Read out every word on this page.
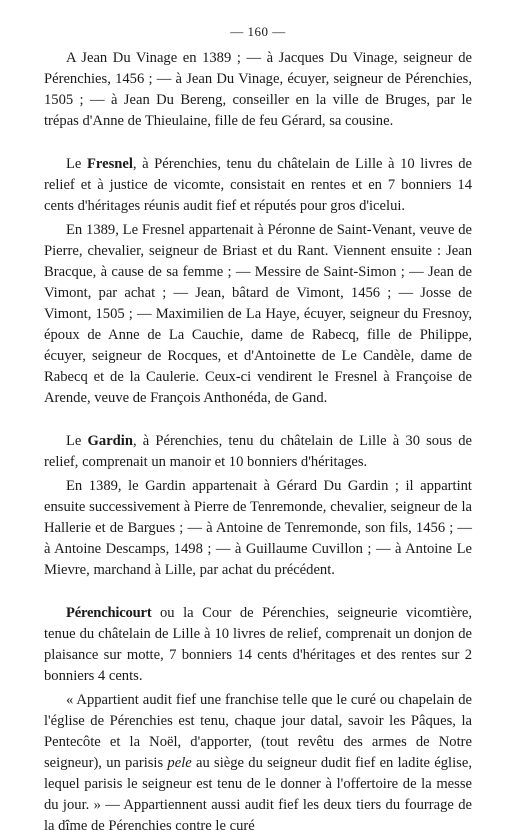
— 160 —

A Jean Du Vinage en 1389 ; — à Jacques Du Vinage, seigneur de Pérenchies, 1456 ; — à Jean Du Vinage, écuyer, seigneur de Pérenchies, 1505 ; — à Jean Du Bereng, conseiller en la ville de Bruges, par le trépas d'Anne de Thieulaine, fille de feu Gérard, sa cousine.

Le Fresnel, à Pérenchies, tenu du châtelain de Lille à 10 livres de relief et à justice de vicomte, consistait en rentes et en 7 bonniers 14 cents d'héritages réunis audit fief et réputés pour gros d'icelui.

En 1389, Le Fresnel appartenait à Péronne de Saint-Venant, veuve de Pierre, chevalier, seigneur de Briast et du Rant. Viennent ensuite : Jean Bracque, à cause de sa femme ; — Messire de Saint-Simon ; — Jean de Vimont, par achat ; — Jean, bâtard de Vimont, 1456 ; — Josse de Vimont, 1505 ; — Maximilien de La Haye, écuyer, seigneur du Fresnoy, époux de Anne de La Cauchie, dame de Rabecq, fille de Philippe, écuyer, seigneur de Rocques, et d'Antoinette de Le Candèle, dame de Rabecq et de la Caulerie. Ceux-ci vendirent le Fresnel à Françoise de Arende, veuve de François Anthonéda, de Gand.

Le Gardin, à Pérenchies, tenu du châtelain de Lille à 30 sous de relief, comprenait un manoir et 10 bonniers d'héritages.

En 1389, le Gardin appartenait à Gérard Du Gardin ; il appartint ensuite successivement à Pierre de Tenremonde, chevalier, seigneur de la Hallerie et de Bargues ; — à Antoine de Tenremonde, son fils, 1456 ; — à Antoine Descamps, 1498 ; — à Guillaume Cuvillon ; — à Antoine Le Mievre, marchand à Lille, par achat du précédent.

Pérenchicourt ou la Cour de Pérenchies, seigneurie vicomtière, tenue du châtelain de Lille à 10 livres de relief, comprenait un donjon de plaisance sur motte, 7 bonniers 14 cents d'héritages et des rentes sur 2 bonniers 4 cents.

« Appartient audit fief une franchise telle que le curé ou chapelain de l'église de Pérenchies est tenu, chaque jour datal, savoir les Pâques, la Pentecôte et la Noël, d'apporter, (tout revêtu des armes de Notre seigneur), un parisis pele au siège du seigneur dudit fief en ladite église, lequel parisis le seigneur est tenu de le donner à l'offertoire de la messe du jour. » — Appartiennent aussi audit fief les deux tiers du fourrage de la dîme de Pérenchies contre le curé
